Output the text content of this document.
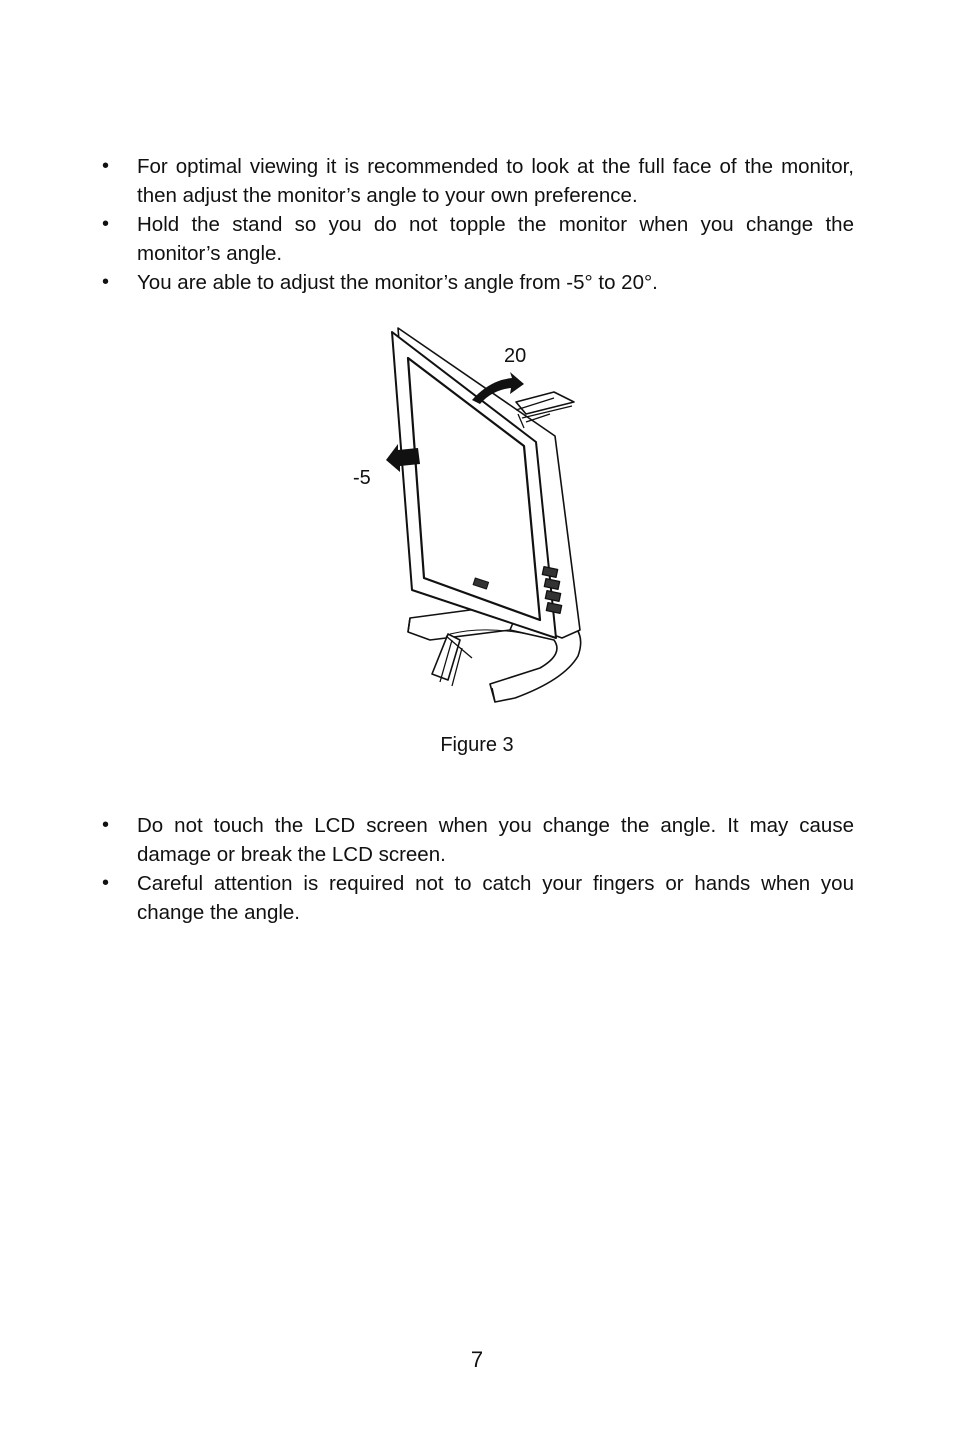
• For optimal viewing it is recommended to look at the full face of the monitor, then adjust the monitor’s angle to your own preference.
• Hold the stand so you do not topple the monitor when you change the monitor’s angle.
• You are able to adjust the monitor’s angle from -5° to 20°.
20
-5
Figure 3
• Do not touch the LCD screen when you change the angle. It may cause damage or break the LCD screen.
• Careful attention is required not to catch your fingers or hands when you change the angle.
7
